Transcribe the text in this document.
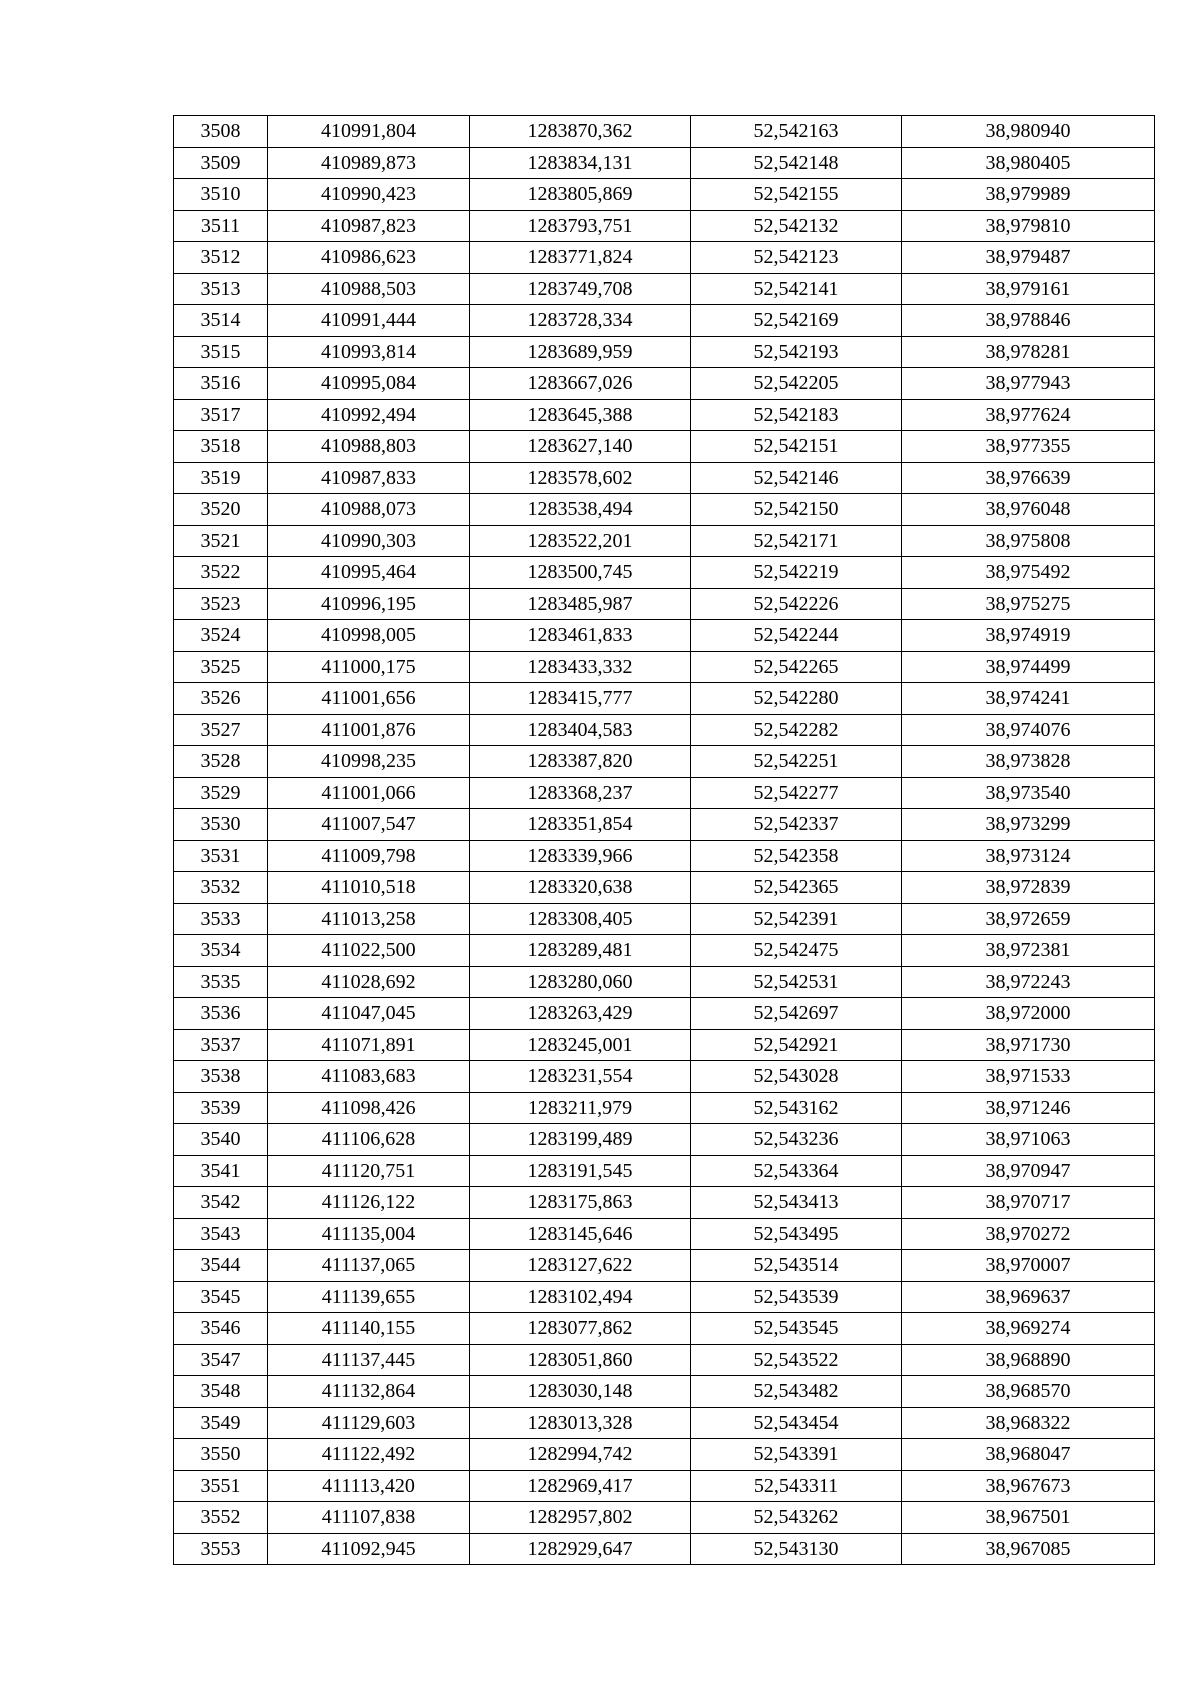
3508	410991,804	1283870,362	52,542163	38,980940
3509	410989,873	1283834,131	52,542148	38,980405
3510	410990,423	1283805,869	52,542155	38,979989
3511	410987,823	1283793,751	52,542132	38,979810
3512	410986,623	1283771,824	52,542123	38,979487
3513	410988,503	1283749,708	52,542141	38,979161
3514	410991,444	1283728,334	52,542169	38,978846
3515	410993,814	1283689,959	52,542193	38,978281
3516	410995,084	1283667,026	52,542205	38,977943
3517	410992,494	1283645,388	52,542183	38,977624
3518	410988,803	1283627,140	52,542151	38,977355
3519	410987,833	1283578,602	52,542146	38,976639
3520	410988,073	1283538,494	52,542150	38,976048
3521	410990,303	1283522,201	52,542171	38,975808
3522	410995,464	1283500,745	52,542219	38,975492
3523	410996,195	1283485,987	52,542226	38,975275
3524	410998,005	1283461,833	52,542244	38,974919
3525	411000,175	1283433,332	52,542265	38,974499
3526	411001,656	1283415,777	52,542280	38,974241
3527	411001,876	1283404,583	52,542282	38,974076
3528	410998,235	1283387,820	52,542251	38,973828
3529	411001,066	1283368,237	52,542277	38,973540
3530	411007,547	1283351,854	52,542337	38,973299
3531	411009,798	1283339,966	52,542358	38,973124
3532	411010,518	1283320,638	52,542365	38,972839
3533	411013,258	1283308,405	52,542391	38,972659
3534	411022,500	1283289,481	52,542475	38,972381
3535	411028,692	1283280,060	52,542531	38,972243
3536	411047,045	1283263,429	52,542697	38,972000
3537	411071,891	1283245,001	52,542921	38,971730
3538	411083,683	1283231,554	52,543028	38,971533
3539	411098,426	1283211,979	52,543162	38,971246
3540	411106,628	1283199,489	52,543236	38,971063
3541	411120,751	1283191,545	52,543364	38,970947
3542	411126,122	1283175,863	52,543413	38,970717
3543	411135,004	1283145,646	52,543495	38,970272
3544	411137,065	1283127,622	52,543514	38,970007
3545	411139,655	1283102,494	52,543539	38,969637
3546	411140,155	1283077,862	52,543545	38,969274
3547	411137,445	1283051,860	52,543522	38,968890
3548	411132,864	1283030,148	52,543482	38,968570
3549	411129,603	1283013,328	52,543454	38,968322
3550	411122,492	1282994,742	52,543391	38,968047
3551	411113,420	1282969,417	52,543311	38,967673
3552	411107,838	1282957,802	52,543262	38,967501
3553	411092,945	1282929,647	52,543130	38,967085
